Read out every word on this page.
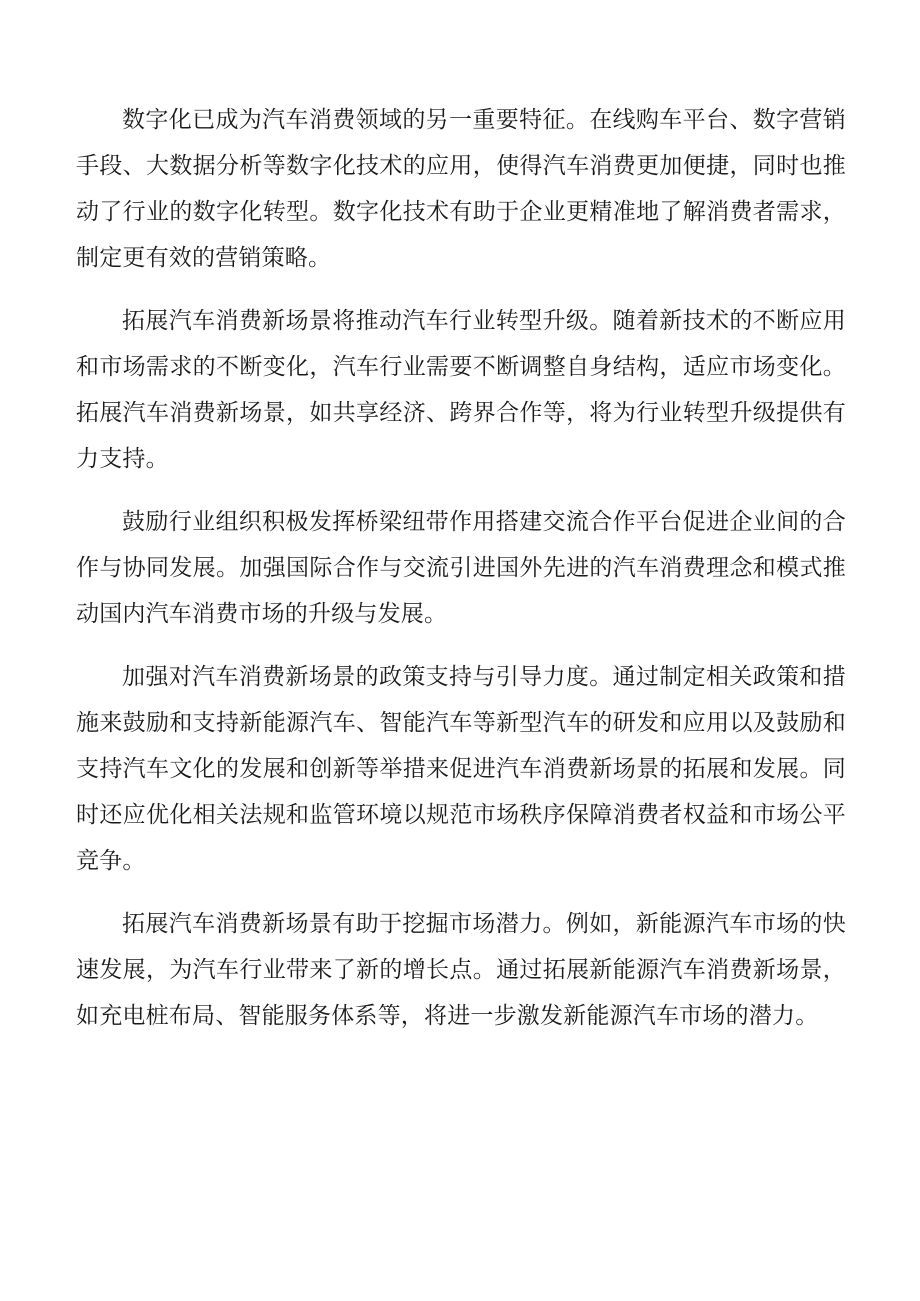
数字化已成为汽车消费领域的另一重要特征。在线购车平台、数字营销手段、大数据分析等数字化技术的应用，使得汽车消费更加便捷，同时也推动了行业的数字化转型。数字化技术有助于企业更精准地了解消费者需求，制定更有效的营销策略。

拓展汽车消费新场景将推动汽车行业转型升级。随着新技术的不断应用和市场需求的不断变化，汽车行业需要不断调整自身结构，适应市场变化。拓展汽车消费新场景，如共享经济、跨界合作等，将为行业转型升级提供有力支持。

鼓励行业组织积极发挥桥梁纽带作用搭建交流合作平台促进企业间的合作与协同发展。加强国际合作与交流引进国外先进的汽车消费理念和模式推动国内汽车消费市场的升级与发展。

加强对汽车消费新场景的政策支持与引导力度。通过制定相关政策和措施来鼓励和支持新能源汽车、智能汽车等新型汽车的研发和应用以及鼓励和支持汽车文化的发展和创新等举措来促进汽车消费新场景的拓展和发展。同时还应优化相关法规和监管环境以规范市场秩序保障消费者权益和市场公平竞争。

拓展汽车消费新场景有助于挖掘市场潜力。例如，新能源汽车市场的快速发展，为汽车行业带来了新的增长点。通过拓展新能源汽车消费新场景，如充电桩布局、智能服务体系等，将进一步激发新能源汽车市场的潜力。
